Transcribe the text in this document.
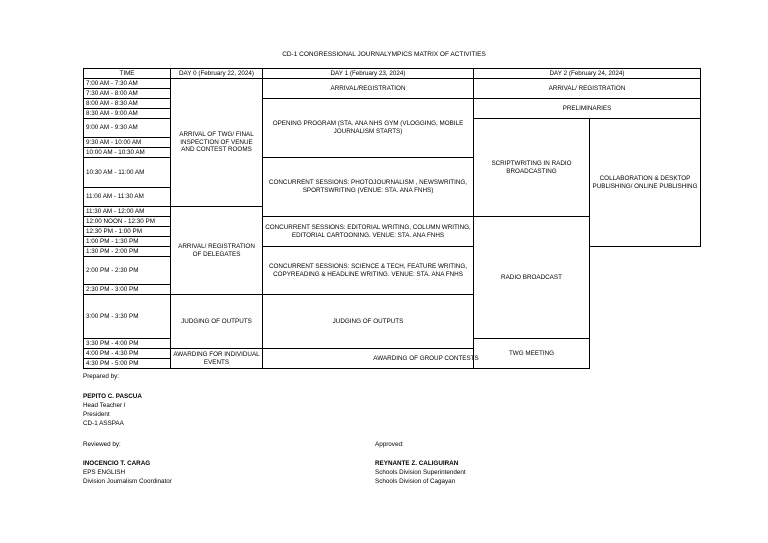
CD-1 CONGRESSIONAL JOURNALYMPICS MATRIX OF ACTIVITIES
TIME	DAY 0 (February 22, 2024)	DAY 1 (February 23, 2024)	DAY 2 (February 24, 2024)	
7:00 AM - 7:30 AM	ARRIVAL OF TWG/ FINAL INSPECTION OF VENUE AND CONTEST ROOMS	ARRIVAL/REGISTRATION	ARRIVAL/ REGISTRATION	
7:30 AM - 8:00 AM				
8:00 AM - 8:30 AM		OPENING PROGRAM (STA. ANA NHS GYM (VLOGGING, MOBILE JOURNALISM STARTS)	PRELIMINARIES	
8:30 AM - 9:00 AM				
9:00 AM - 9:30 AM			SCRIPTWRITING IN RADIO BROADCASTING	COLLABORATION & DESKTOP PUBLISHING/ ONLINE PUBLISHING
9:30 AM - 10:00 AM				
10:00 AM - 10:30 AM				
10:30 AM - 11:00 AM		CONCURRENT SESSIONS: PHOTOJOURNALISM , NEWSWRITING, SPORTSWRITING (VENUE: STA. ANA FNHS)		
11:00 AM - 11:30 AM				
11:30 AM - 12:00 AM	ARRIVAL/ REGISTRATION OF DELEGATES			
12:00 NOON - 12:30 PM		CONCURRENT SESSIONS: EDITORIAL WRITING, COLUMN WRITING, EDITORIAL CARTOONING. VENUE: STA. ANA FNHS	RADIO BROADCAST	
12:30 PM - 1:00 PM				
1:00 PM - 1:30 PM				
1:30 PM - 2:00 PM		CONCURRENT SESSIONS: SCIENCE & TECH, FEATURE WRITING, COPYREADING & HEADLINE WRITING. VENUE: STA. ANA FNHS		
2:00 PM - 2:30 PM				
2:30 PM - 3:00 PM				
3:00 PM - 3:30 PM	JUDGING OF OUTPUTS	JUDGING OF OUTPUTS		
3:30 PM - 4:00 PM			TWG MEETING	
4:00 PM - 4:30 PM	AWARDING FOR INDIVIDUAL EVENTS	AWARDING OF GROUP CONTESTS		
4:30 PM - 5:00 PM				
Prepared by:
PEPITO C. PASCUA
Head Teacher I
President
CD-1 ASSPAA
Reviewed by:
INOCENCIO T. CARAG
EPS ENGLISH
Division Journalism Coordinator
Approved:
REYNANTE Z. CALIGUIRAN
Schools Division Superintendent
Schools Division of Cagayan
